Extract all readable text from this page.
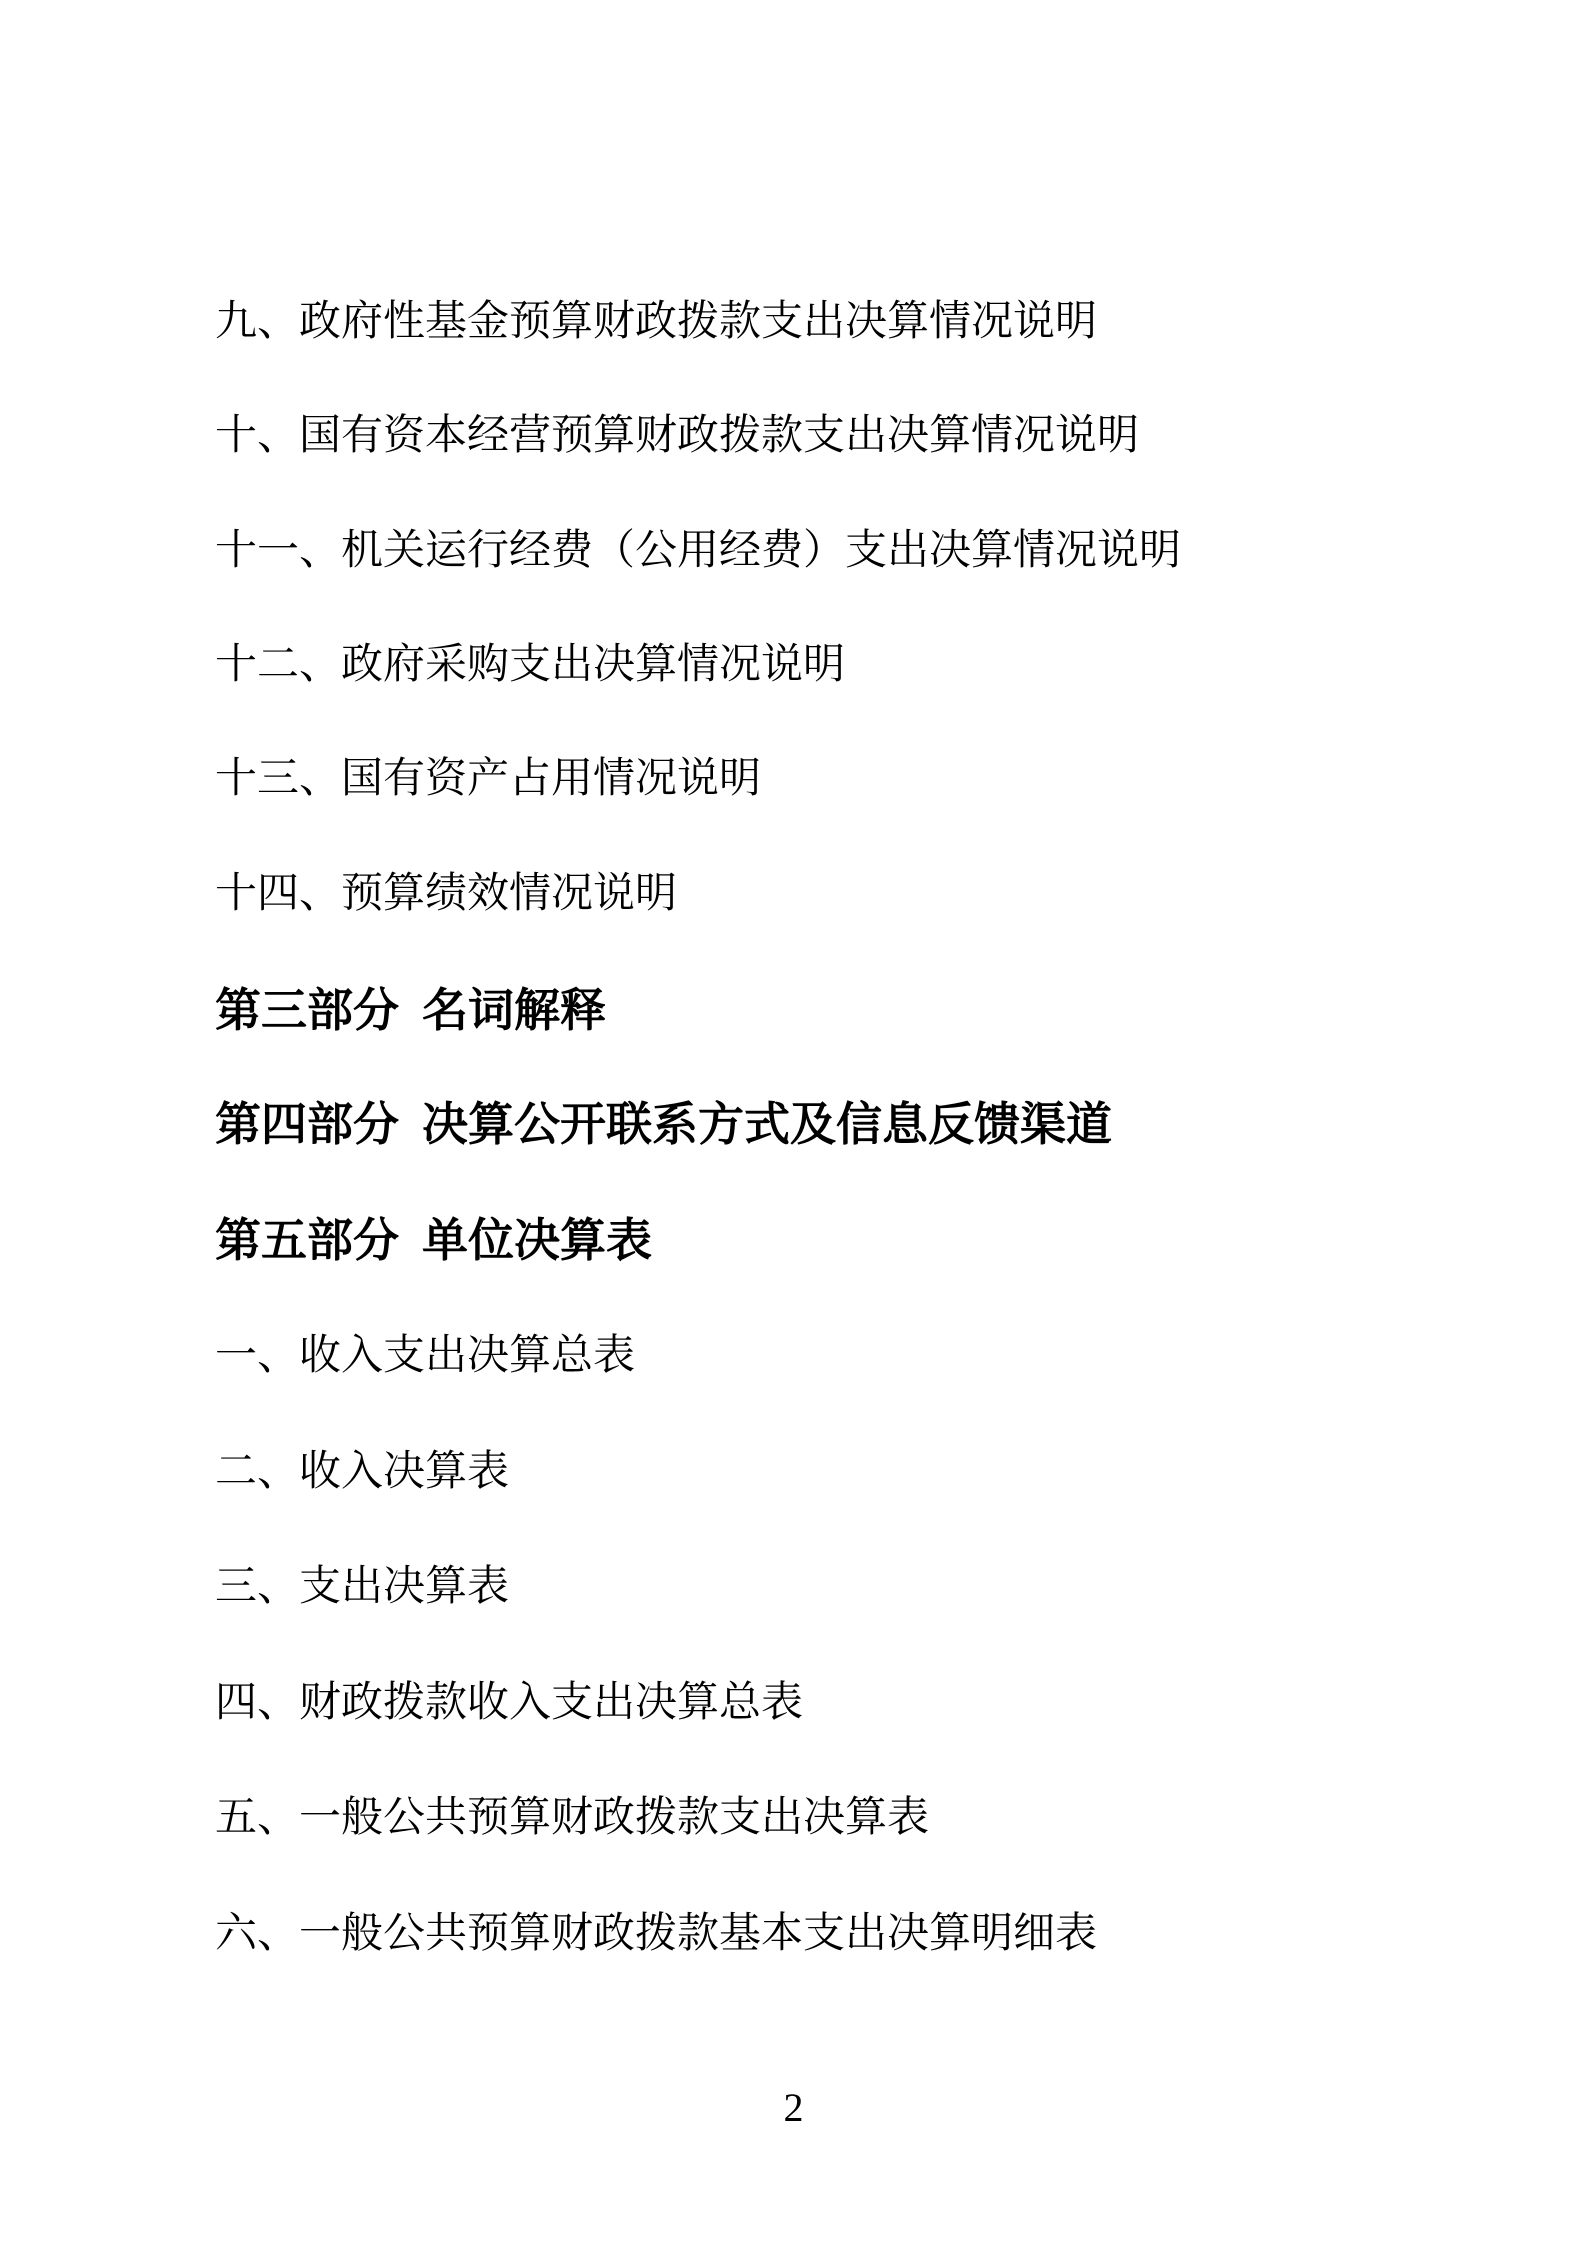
九、政府性基金预算财政拨款支出决算情况说明
十、国有资本经营预算财政拨款支出决算情况说明
十一、机关运行经费（公用经费）支出决算情况说明
十二、政府采购支出决算情况说明
十三、国有资产占用情况说明
十四、预算绩效情况说明
第三部分 名词解释
第四部分 决算公开联系方式及信息反馈渠道
第五部分 单位决算表
一、收入支出决算总表
二、收入决算表
三、支出决算表
四、财政拨款收入支出决算总表
五、一般公共预算财政拨款支出决算表
六、一般公共预算财政拨款基本支出决算明细表
2
